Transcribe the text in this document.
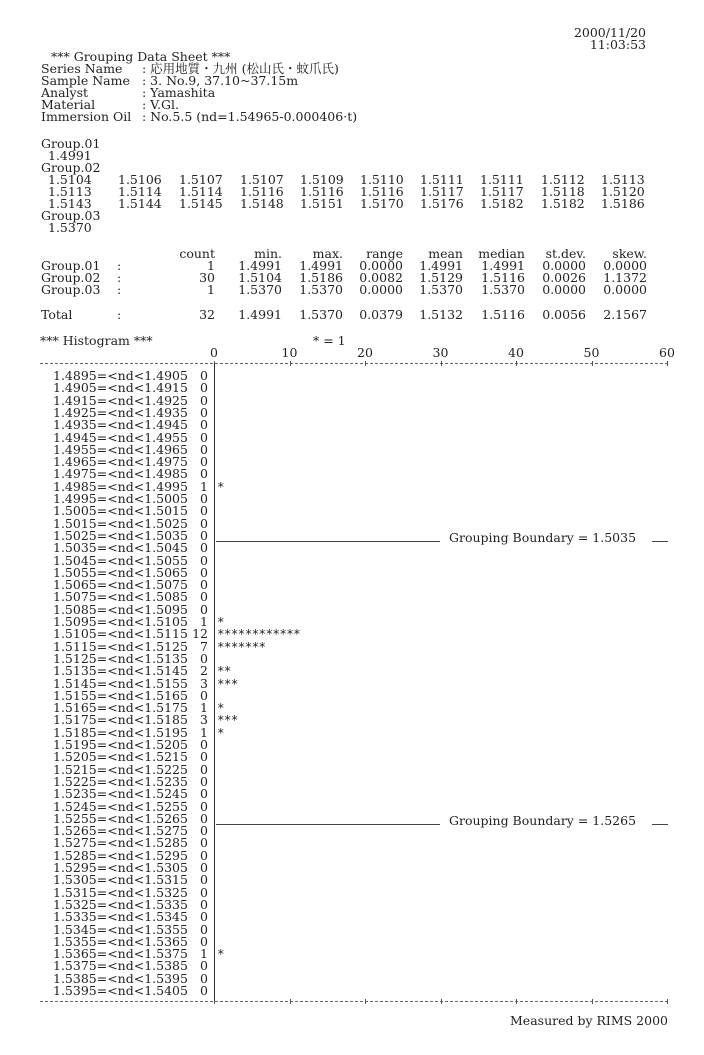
2000/11/20
11:03:53
*** Grouping Data Sheet ***
Series Name : 応用地質・九州 (松山氏・蚊爪氏)
Sample Name : 3. No.9, 37.10~37.15m
Analyst	: Yamashita
Material	: V.Gl.
Immersion Oil : No.5.5 (nd=1.54965-0.000406·t)
Group.01
1.4991
Group.02
1.5104 1.5106 1.5107 1.5107 1.5109 1.5110 1.5111 1.5111 1.5112 1.5113
1.5113 1.5114 1.5114 1.5116 1.5116 1.5116 1.5117 1.5117 1.5118 1.5120
1.5143 1.5144 1.5145 1.5148 1.5151 1.5170 1.5176 1.5182 1.5182 1.5186
Group.03
1.5370
count	min. max. range mean median st.dev. skew.
Group.01 :	1 1.4991 1.4991 0.0000 1.4991 1.4991 0.0000 0.0000
Group.02 :	30 1.5104 1.5186 0.0082 1.5129 1.5116 0.0026 1.1372
Group.03 :	1 1.5370 1.5370 0.0000 1.5370 1.5370 0.0000 0.0000
Total	:	32 1.4991 1.5370 0.0379 1.5132 1.5116 0.0056 2.1567
*** Histogram ***	* = 1
0	10	20	30	40	50	60
1.4895=<nd<1.4905 0
1.4905=<nd<1.4915 0
1.4915=<nd<1.4925 0
1.4925=<nd<1.4935 0
1.4935=<nd<1.4945 0
1.4945=<nd<1.4955 0
1.4955=<nd<1.4965 0
1.4965=<nd<1.4975 0
1.4975=<nd<1.4985 0
1.4985=<nd<1.4995 1 *
1.4995=<nd<1.5005 0
1.5005=<nd<1.5015 0
1.5015=<nd<1.5025 0
1.5025=<nd<1.5035 0	Grouping Boundary = 1.5035
1.5035=<nd<1.5045 0
1.5045=<nd<1.5055 0
1.5055=<nd<1.5065 0
1.5065=<nd<1.5075 0
1.5075=<nd<1.5085 0
1.5085=<nd<1.5095 0
1.5095=<nd<1.5105 1 *
1.5105=<nd<1.5115 12 ************
1.5115=<nd<1.5125 7 *******
1.5125=<nd<1.5135 0
1.5135=<nd<1.5145 2 **
1.5145=<nd<1.5155 3 ***
1.5155=<nd<1.5165 0
1.5165=<nd<1.5175 1 *
1.5175=<nd<1.5185 3 ***
1.5185=<nd<1.5195 1 *
1.5195=<nd<1.5205 0
1.5205=<nd<1.5215 0
1.5215=<nd<1.5225 0
1.5225=<nd<1.5235 0
1.5235=<nd<1.5245 0
1.5245=<nd<1.5255 0
1.5255=<nd<1.5265 0	Grouping Boundary = 1.5265
1.5265=<nd<1.5275 0
1.5275=<nd<1.5285 0
1.5285=<nd<1.5295 0
1.5295=<nd<1.5305 0
1.5305=<nd<1.5315 0
1.5315=<nd<1.5325 0
1.5325=<nd<1.5335 0
1.5335=<nd<1.5345 0
1.5345=<nd<1.5355 0
1.5355=<nd<1.5365 0
1.5365=<nd<1.5375 1 *
1.5375=<nd<1.5385 0
1.5385=<nd<1.5395 0
1.5395=<nd<1.5405 0
Measured by RIMS 2000
